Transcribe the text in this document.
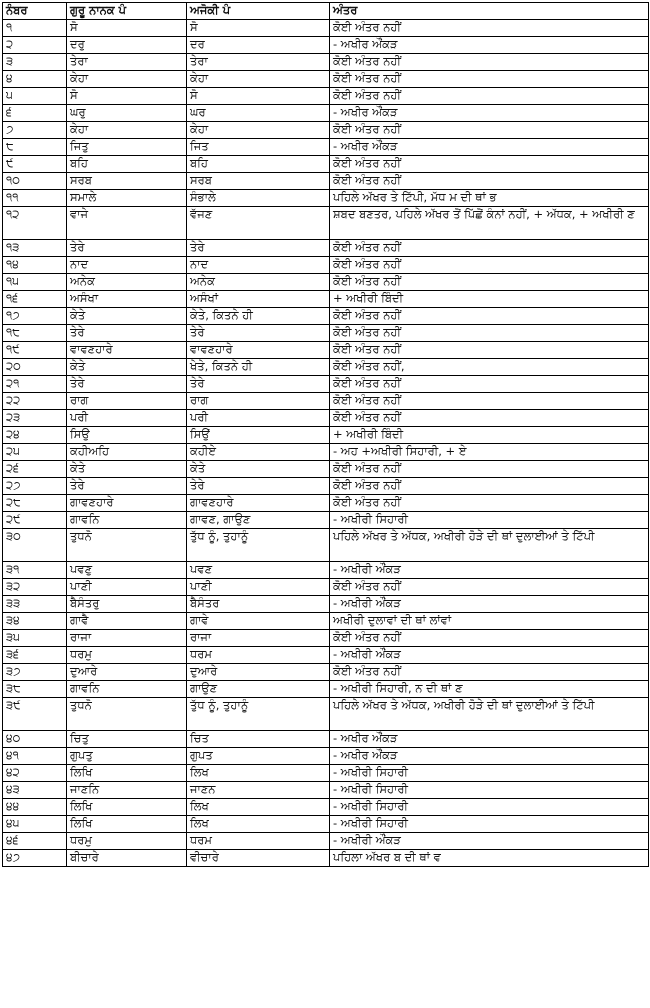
ਨੰਬਰ	ਗੁਰੂ ਨਾਨਕ ਪੰ	ਅਜੋਕੀ ਪੰ	ਅੰਤਰ
੧	ਸੋ	ਸੋ	ਕੋਈ ਅੰਤਰ ਨਹੀਂ
੨	ਦਰੁ	ਦਰ	- ਅਖੀਰ ਔਂਕੜ
੩	ਤੇਰਾ	ਤੇਰਾ	ਕੋਈ ਅੰਤਰ ਨਹੀਂ
੪	ਕੇਹਾ	ਕੇਹਾ	ਕੋਈ ਅੰਤਰ ਨਹੀਂ
੫	ਸੋ	ਸੋ	ਕੋਈ ਅੰਤਰ ਨਹੀਂ
੬	ਘਰੁ	ਘਰ	- ਅਖੀਰ ਔਂਕੜ
੭	ਕੇਹਾ	ਕੇਹਾ	ਕੋਈ ਅੰਤਰ ਨਹੀਂ
੮	ਜਿਤੁ	ਜਿਤ	- ਅਖੀਰ ਔਂਕੜ
੯	ਬਹਿ	ਬਹਿ	ਕੋਈ ਅੰਤਰ ਨਹੀਂ
੧੦	ਸਰਬ	ਸਰਬ	ਕੋਈ ਅੰਤਰ ਨਹੀਂ
੧੧	ਸਮਾਲੇ	ਸੰਭਾਲੇ	ਪਹਿਲੇ ਅੱਖਰ ਤੇ ਟਿੱਪੀ, ਮੱਧ ਮ ਦੀ ਥਾਂ ਭ
੧੨	ਵਾਜੇ	ਵੱਜਣ	ਸ਼ਬਦ ਬਣਤਰ, ਪਹਿਲੇ ਅੱਖਰ ਤੋਂ ਪਿੱਛੋਂ ਕੰਨਾਂ ਨਹੀਂ, + ਅੱਧਕ, + ਅਖੀਰੀ ਣ
੧੩	ਤੇਰੇ	ਤੇਰੇ	ਕੋਈ ਅੰਤਰ ਨਹੀਂ
੧੪	ਨਾਦ	ਨਾਦ	ਕੋਈ ਅੰਤਰ ਨਹੀਂ
੧੫	ਅਨੇਕ	ਅਨੇਕ	ਕੋਈ ਅੰਤਰ ਨਹੀਂ
੧੬	ਅਸੰਖਾ	ਅਸੰਖਾਂ	+ ਅਖੀਰੀ ਬਿੰਦੀ
੧੭	ਕੇਤੇ	ਕੇਤੇ, ਕਿਤਨੇ ਹੀ	ਕੋਈ ਅੰਤਰ ਨਹੀਂ
੧੮	ਤੇਰੇ	ਤੇਰੇ	ਕੋਈ ਅੰਤਰ ਨਹੀਂ
੧੯	ਵਾਵਣਹਾਰੇ	ਵਾਵਣਹਾਰੇ	ਕੋਈ ਅੰਤਰ ਨਹੀਂ
੨੦	ਕੇਤੇ	ਖੇਤੇ, ਕਿਤਨੇ ਹੀ	ਕੋਈ ਅੰਤਰ ਨਹੀਂ,
੨੧	ਤੇਰੇ	ਤੇਰੇ	ਕੋਈ ਅੰਤਰ ਨਹੀਂ
੨੨	ਰਾਗ	ਰਾਗ	ਕੋਈ ਅੰਤਰ ਨਹੀਂ
੨੩	ਪਰੀ	ਪਰੀ	ਕੋਈ ਅੰਤਰ ਨਹੀਂ
੨੪	ਸਿਉ	ਸਿਉਂ	+ ਅਖੀਰੀ ਬਿੰਦੀ
੨੫	ਕਹੀਅਹਿ	ਕਹੀਏ	- ਅਹ +ਅਖੀਰੀ ਸਿਹਾਰੀ, + ਏ
੨੬	ਕੇਤੇ	ਕੇਤੇ	ਕੋਈ ਅੰਤਰ ਨਹੀਂ
੨੭	ਤੇਰੇ	ਤੇਰੇ	ਕੋਈ ਅੰਤਰ ਨਹੀਂ
੨੮	ਗਾਵਣਹਾਰੇ	ਗਾਵਣਹਾਰੇ	ਕੋਈ ਅੰਤਰ ਨਹੀਂ
੨੯	ਗਾਵਨਿ	ਗਾਵਣ, ਗਾਉਣ	- ਅਖੀਰੀ ਸਿਹਾਰੀ
੩੦	ਤੁਧਨੋ	ਤੁੱਧ ਨੂੰ, ਤੁਹਾਨੂੰ	ਪਹਿਲੇ ਅੱਖਰ ਤੇ ਅੱਧਕ, ਅਖੀਰੀ ਹੋੜੇ ਦੀ ਥਾਂ ਦੁਲਾਈਆਂ ਤੇ ਟਿੱਪੀ
੩੧	ਪਵਣੁ	ਪਵਣ	- ਅਖੀਰੀ ਔਂਕੜ
੩੨	ਪਾਣੀ	ਪਾਣੀ	ਕੋਈ ਅੰਤਰ ਨਹੀਂ
੩੩	ਬੈਸੰਤਰੁ	ਬੈਸੰਤਰ	- ਅਖੀਰੀ ਔਂਕੜ
੩੪	ਗਾਵੈ	ਗਾਵੇ	ਅਖੀਰੀ ਦੁਲਾਵਾਂ ਦੀ ਥਾਂ ਲਾਂਵਾਂ
੩੫	ਰਾਜਾ	ਰਾਜਾ	ਕੋਈ ਅੰਤਰ ਨਹੀਂ
੩੬	ਧਰਮੁ	ਧਰਮ	- ਅਖੀਰੀ ਔਂਕੜ
੩੭	ਦੁਆਰੇ	ਦੁਆਰੇ	ਕੋਈ ਅੰਤਰ ਨਹੀਂ
੩੮	ਗਾਵਨਿ	ਗਾਉਣ	- ਅਖੀਰੀ ਸਿਹਾਰੀ, ਨ ਦੀ ਥਾਂ ਣ
੩੯	ਤੁਧਨੋ	ਤੁੱਧ ਨੂੰ, ਤੁਹਾਨੂੰ	ਪਹਿਲੇ ਅੱਖਰ ਤੇ ਅੱਧਕ, ਅਖੀਰੀ ਹੋੜੇ ਦੀ ਥਾਂ ਦੁਲਾਈਆਂ ਤੇ ਟਿੱਪੀ
੪੦	ਚਿਤੁ	ਚਿਤ	- ਅਖੀਰ ਔਂਕੜ
੪੧	ਗੁਪਤੁ	ਗੁਪਤ	- ਅਖੀਰ ਔਂਕੜ
੪੨	ਲਿਖਿ	ਲਿਖ	- ਅਖੀਰੀ ਸਿਹਾਰੀ
੪੩	ਜਾਣਨਿ	ਜਾਣਨ	- ਅਖੀਰੀ ਸਿਹਾਰੀ
੪੪	ਲਿਖਿ	ਲਿਖ	- ਅਖੀਰੀ ਸਿਹਾਰੀ
੪੫	ਲਿਖਿ	ਲਿਖ	- ਅਖੀਰੀ ਸਿਹਾਰੀ
੪੬	ਧਰਮੁ	ਧਰਮ	- ਅਖੀਰੀ ਔਂਕੜ
੪੭	ਬੀਚਾਰੇ	ਵੀਚਾਰੇ	ਪਹਿਲਾ ਅੱਖਰ ਬ ਦੀ ਥਾਂ ਵ
